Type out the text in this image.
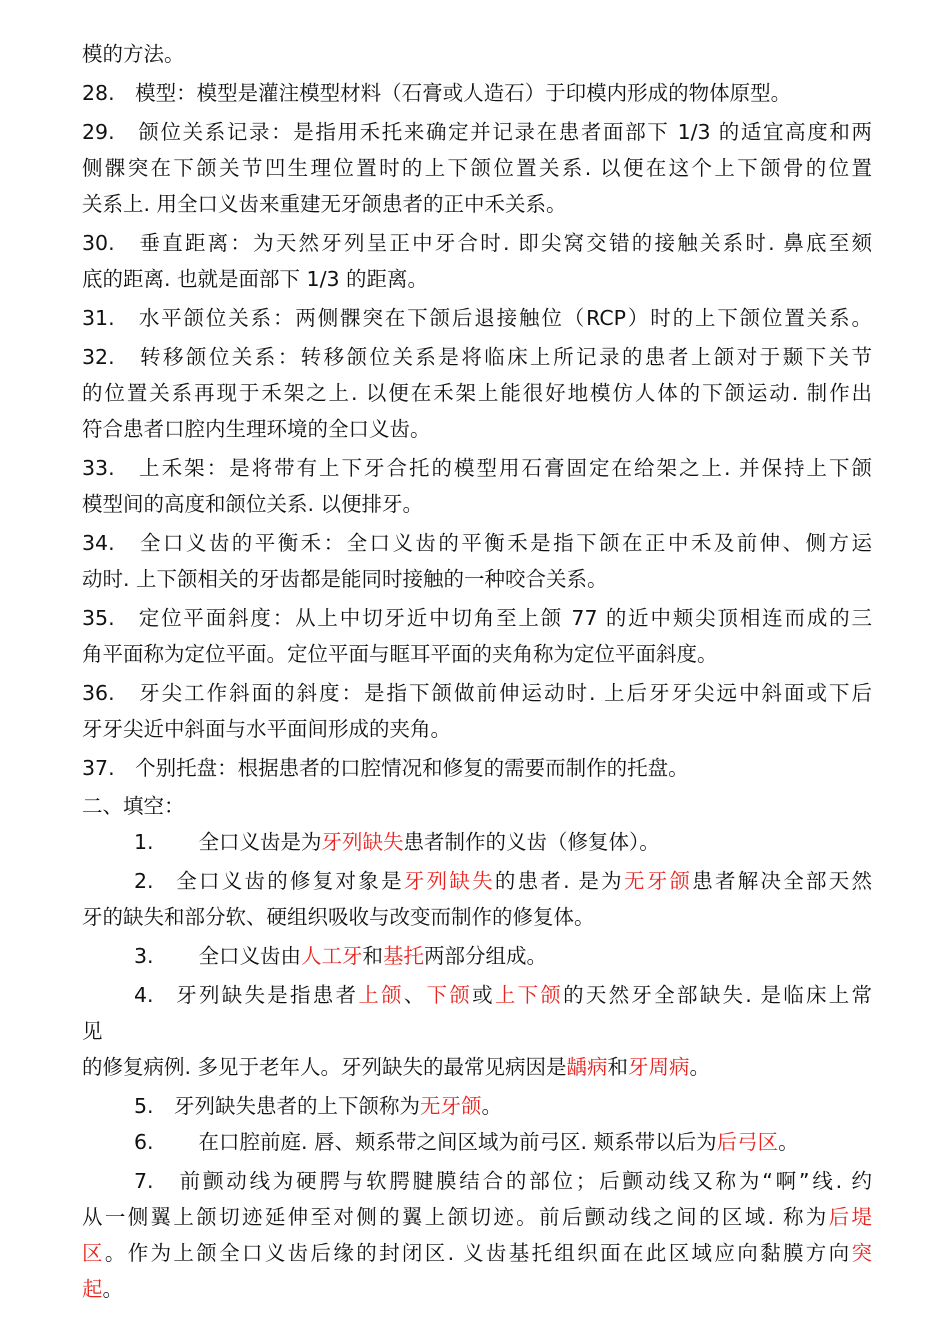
模的方法。
28.　模型：模型是灌注模型材料（石膏或人造石）于印模内形成的物体原型。
29.　颌位关系记录：是指用禾托来确定并记录在患者面部下 1/3 的适宜高度和两
侧髁突在下颌关节凹生理位置时的上下颌位置关系. 以便在这个上下颌骨的位置
关系上. 用全口义齿来重建无牙颌患者的正中禾关系。
30.　垂直距离：为天然牙列呈正中牙合时. 即尖窝交错的接触关系时. 鼻底至颏
底的距离. 也就是面部下 1/3 的距离。
31.　水平颌位关系：两侧髁突在下颌后退接触位（RCP）时的上下颌位置关系。
32.　转移颌位关系：转移颌位关系是将临床上所记录的患者上颌对于颞下关节
的位置关系再现于禾架之上. 以便在禾架上能很好地模仿人体的下颌运动. 制作出
符合患者口腔内生理环境的全口义齿。
33.　上禾架：是将带有上下牙合托的模型用石膏固定在给架之上. 并保持上下颌
模型间的高度和颌位关系. 以便排牙。
34.　全口义齿的平衡禾：全口义齿的平衡禾是指下颌在正中禾及前伸、侧方运
动时. 上下颌相关的牙齿都是能同时接触的一种咬合关系。
35.　定位平面斜度：从上中切牙近中切角至上颌 77 的近中颊尖顶相连而成的三
角平面称为定位平面。定位平面与眶耳平面的夹角称为定位平面斜度。
36.　牙尖工作斜面的斜度：是指下颌做前伸运动时. 上后牙牙尖远中斜面或下后
牙牙尖近中斜面与水平面间形成的夹角。
37.　个别托盘：根据患者的口腔情况和修复的需要而制作的托盘。
二、填空：
1.　全口义齿是为牙列缺失患者制作的义齿（修复体）。
2. 全口义齿的修复对象是牙列缺失的患者. 是为无牙颌患者解决全部天然
牙的缺失和部分软、硬组织吸收与改变而制作的修复体。
3.　全口义齿由人工牙和基托两部分组成。
4. 牙列缺失是指患者上颌、下颌或上下颌的天然牙全部缺失. 是临床上常
见
的修复病例. 多见于老年人。牙列缺失的最常见病因是龋病和牙周病。
5. 牙列缺失患者的上下颌称为无牙颌。
6.　在口腔前庭. 唇、颊系带之间区域为前弓区. 颊系带以后为后弓区。
7.　前颤动线为硬腭与软腭腱膜结合的部位；后颤动线又称为“啊”线. 约
从一侧翼上颌切迹延伸至对侧的翼上颌切迹。前后颤动线之间的区域. 称为后堤
区。作为上颌全口义齿后缘的封闭区. 义齿基托组织面在此区域应向黏膜方向突
起。
